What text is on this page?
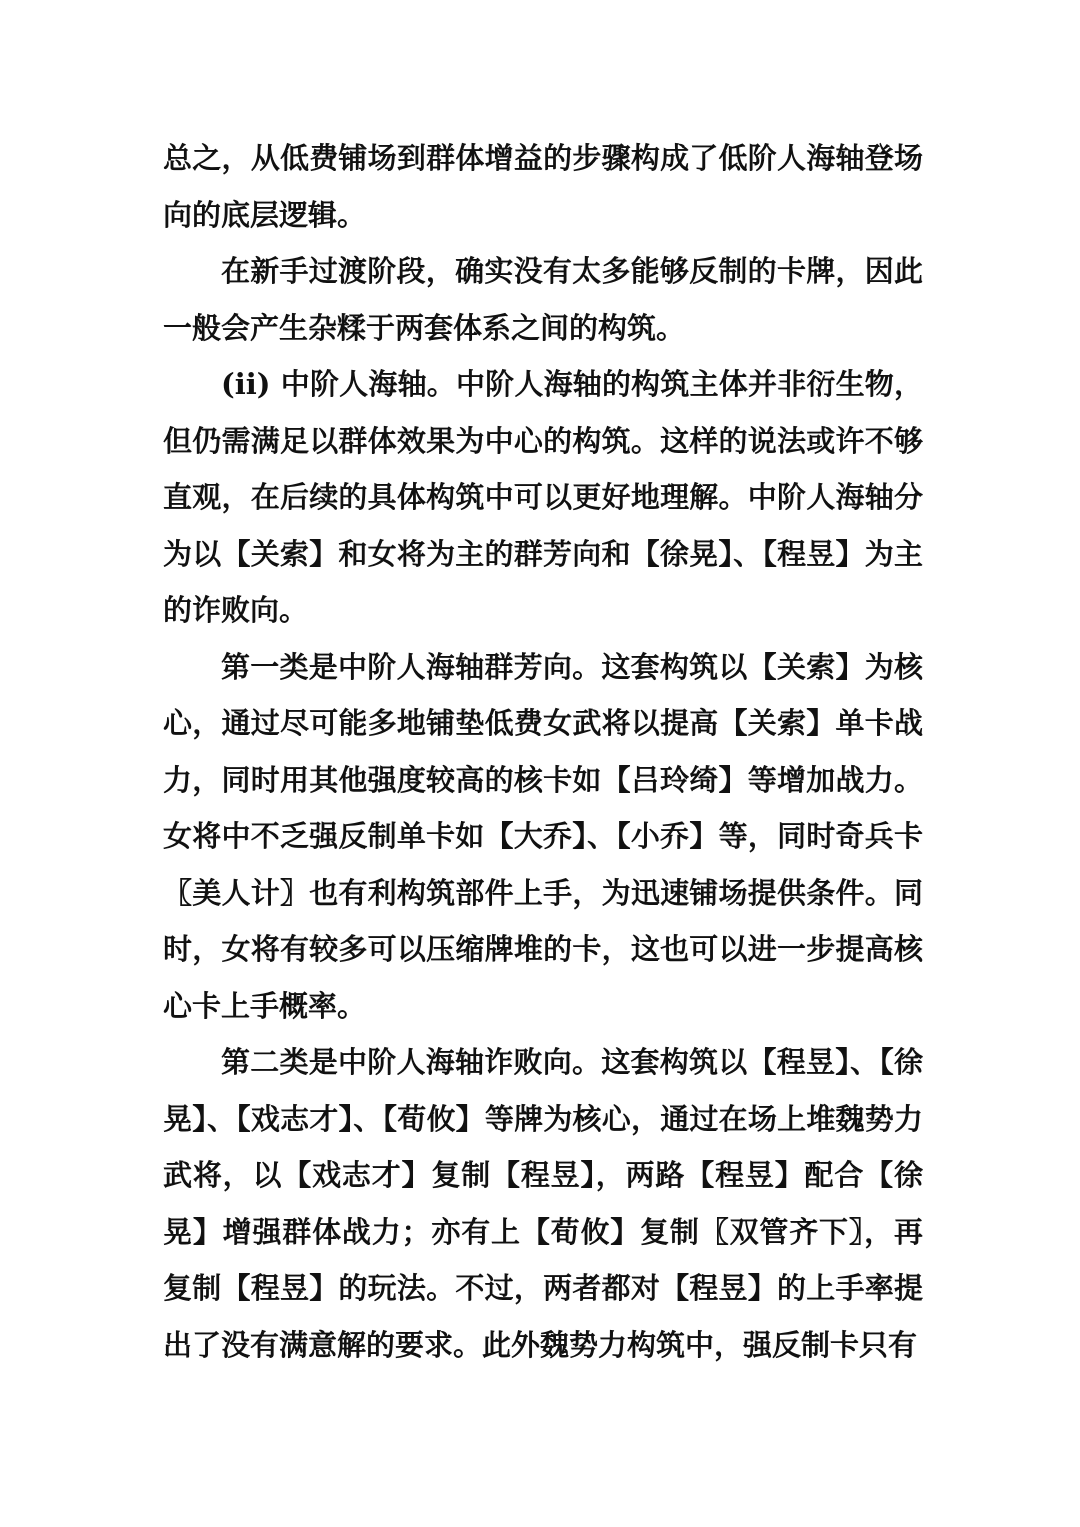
总之，从低费铺场到群体增益的步骤构成了低阶人海轴登场向的底层逻辑。

在新手过渡阶段，确实没有太多能够反制的卡牌，因此一般会产生杂糅于两套体系之间的构筑。

(ii) 中阶人海轴。中阶人海轴的构筑主体并非衍生物，但仍需满足以群体效果为中心的构筑。这样的说法或许不够直观，在后续的具体构筑中可以更好地理解。中阶人海轴分为以【关索】和女将为主的群芳向和【徐晃】、【程昱】为主的诈败向。

第一类是中阶人海轴群芳向。这套构筑以【关索】为核心，通过尽可能多地铺垫低费女武将以提高【关索】单卡战力，同时用其他强度较高的核卡如【吕玲绮】等增加战力。女将中不乏强反制单卡如【大乔】、【小乔】等，同时奇兵卡〖美人计〗也有利构筑部件上手，为迅速铺场提供条件。同时，女将有较多可以压缩牌堆的卡，这也可以进一步提高核心卡上手概率。

第二类是中阶人海轴诈败向。这套构筑以【程昱】、【徐晃】、【戏志才】、【荀攸】等牌为核心，通过在场上堆魏势力武将，以【戏志才】复制【程昱】，两路【程昱】配合【徐晃】增强群体战力；亦有上【荀攸】复制〖双管齐下〗，再复制【程昱】的玩法。不过，两者都对【程昱】的上手率提出了没有满意解的要求。此外魏势力构筑中，强反制卡只有
